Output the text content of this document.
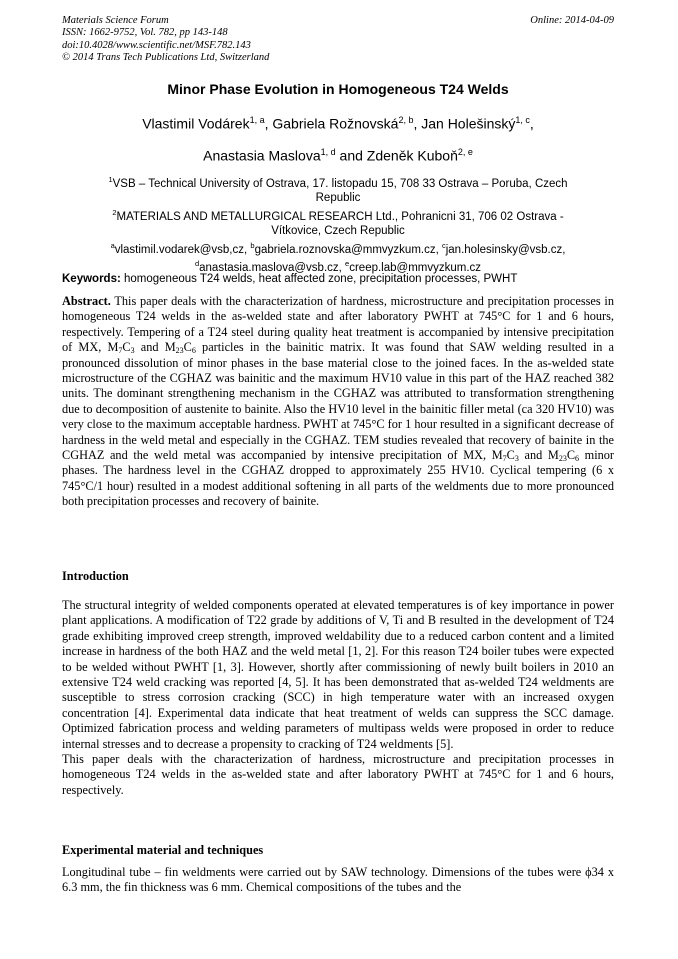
Materials Science Forum
ISSN: 1662-9752, Vol. 782, pp 143-148
doi:10.4028/www.scientific.net/MSF.782.143
© 2014 Trans Tech Publications Ltd, Switzerland
Online: 2014-04-09
Minor Phase Evolution in Homogeneous T24 Welds
Vlastimil Vodárek$^{1, a}$, Gabriela Rožnovská$^{2, b}$, Jan Holešinský$^{1, c}$,
Anastasia Maslova$^{1, d}$ and Zdeněk Kuboň$^{2, e}$
$^1$VSB – Technical University of Ostrava, 17. listopadu 15, 708 33 Ostrava – Poruba, Czech
Republic
$^2$MATERIALS AND METALLURGICAL RESEARCH Ltd., Pohranicni 31, 706 02 Ostrava -
Vítkovice, Czech Republic
$^a$vlastimil.vodarek@vsb,cz, $^b$gabriela.roznovska@mmvyzkum.cz, $^c$jan.holesinsky@vsb.cz,
$^d$anastasia.maslova@vsb.cz, $^e$creep.lab@mmvyzkum.cz
Keywords: homogeneous T24 welds, heat affected zone, precipitation processes, PWHT

Abstract. This paper deals with the characterization of hardness, microstructure and precipitation processes in homogeneous T24 welds in the as-welded state and after laboratory PWHT at 745°C for 1 and 6 hours, respectively. Tempering of a T24 steel during quality heat treatment is accompanied by intensive precipitation of MX, $M_7C_3$ and $M_{23}C_6$ particles in the bainitic matrix. It was found that SAW welding resulted in a pronounced dissolution of minor phases in the base material close to the joined faces. In the as-welded state microstructure of the CGHAZ was bainitic and the maximum HV10 value in this part of the HAZ reached 382 units. The dominant strengthening mechanism in the CGHAZ was attributed to transformation strengthening due to decomposition of austenite to bainite. Also the HV10 level in the bainitic filler metal (ca 320 HV10) was very close to the maximum acceptable hardness. PWHT at 745°C for 1 hour resulted in a significant decrease of hardness in the weld metal and especially in the CGHAZ. TEM studies revealed that recovery of bainite in the CGHAZ and the weld metal was accompanied by intensive precipitation of MX, $M_7C_3$ and $M_{23}C_6$ minor phases. The hardness level in the CGHAZ dropped to approximately 255 HV10. Cyclical tempering (6 x 745°C/1 hour) resulted in a modest additional softening in all parts of the weldments due to more pronounced both precipitation processes and recovery of bainite.

Introduction

The structural integrity of welded components operated at elevated temperatures is of key importance in power plant applications. A modification of T22 grade by additions of V, Ti and B resulted in the development of T24 grade exhibiting improved creep strength, improved weldability due to a reduced carbon content and a limited increase in hardness of the both HAZ and the weld metal [1, 2]. For this reason T24 boiler tubes were expected to be welded without PWHT [1, 3]. However, shortly after commissioning of newly built boilers in 2010 an extensive T24 weld cracking was reported [4, 5]. It has been demonstrated that as-welded T24 weldments are susceptible to stress corrosion cracking (SCC) in high temperature water with an increased oxygen concentration [4]. Experimental data indicate that heat treatment of welds can suppress the SCC damage. Optimized fabrication process and welding parameters of multipass welds were proposed in order to reduce internal stresses and to decrease a propensity to cracking of T24 weldments [5].

This paper deals with the characterization of hardness, microstructure and precipitation processes in homogeneous T24 welds in the as-welded state and after laboratory PWHT at 745°C for 1 and 6 hours, respectively.

Experimental material and techniques

Longitudinal tube – fin weldments were carried out by SAW technology. Dimensions of the tubes were ϕ34 x 6.3 mm, the fin thickness was 6 mm. Chemical compositions of the tubes and the
